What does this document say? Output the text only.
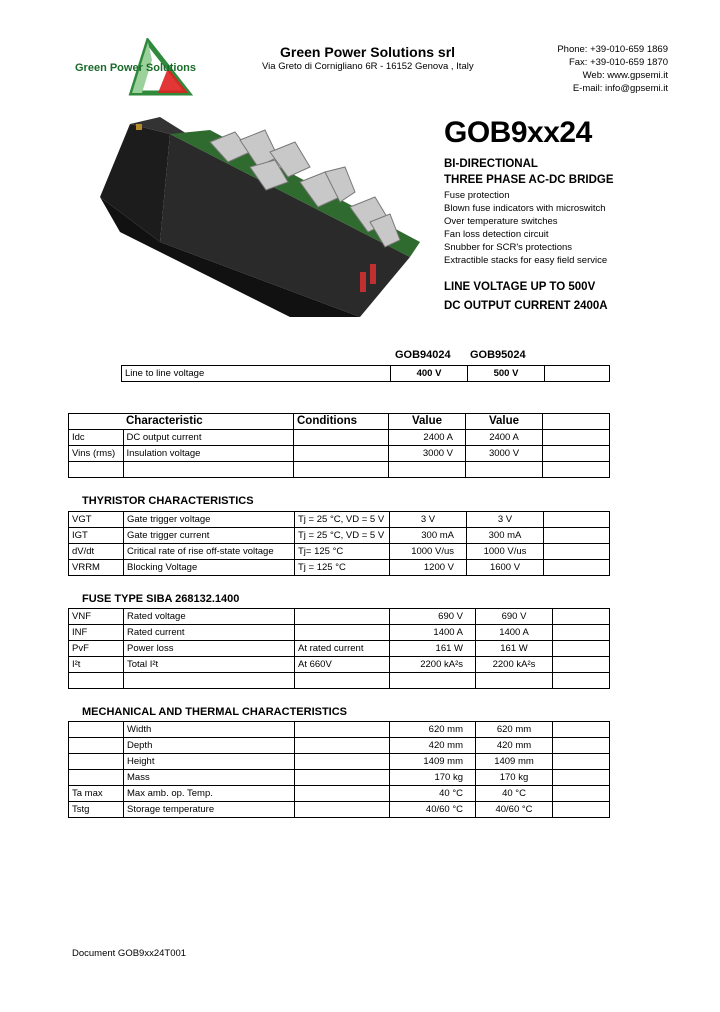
Green Power Solutions
Green Power Solutions srl
Via Greto di Cornigliano 6R - 16152 Genova , Italy
Phone: +39-010-659 1869
Fax: +39-010-659 1870
Web: www.gpsemi.it
E-mail: info@gpsemi.it
GOB9xx24
BI-DIRECTIONAL
THREE PHASE AC-DC BRIDGE
Fuse protection
Blown fuse indicators with microswitch
Over temperature switches
Fan loss detection circuit
Snubber for SCR's protections
Extractible stacks for easy field service
LINE VOLTAGE UP TO 500V
DC OUTPUT CURRENT 2400A
GOB94024 GOB95024
Line to line voltage	400 V	500 V	
	Characteristic	Conditions	Value	Value	
Idc	DC output current		2400 A	2400 A	
Vins (rms)	Insulation voltage		3000 V	3000 V	

THYRISTOR CHARACTERISTICS
VGT	Gate trigger voltage	Tj = 25 °C, VD = 5 V	3 V	3 V	
IGT	Gate trigger current	Tj = 25 °C, VD = 5 V	300 mA	300 mA	
dV/dt	Critical rate of rise off-state voltage	Tj= 125 °C	1000 V/us	1000 V/us	
VRRM	Blocking Voltage	Tj = 125 °C	1200 V	1600 V	
FUSE TYPE SIBA 268132.1400
VNF	Rated voltage		690 V	690 V	
INF	Rated current		1400 A	1400 A	
PvF	Power loss	At rated current	161 W	161 W	
I²t	Total I²t	At 660V	2200 kA²s	2200 kA²s	

MECHANICAL AND THERMAL CHARACTERISTICS
	Width		620 mm	620 mm	
	Depth		420 mm	420 mm	
	Height		1409 mm	1409 mm	
	Mass		170 kg	170 kg	
Ta max	Max amb. op. Temp.		40 °C	40 °C	
Tstg	Storage temperature		40/60 °C	40/60 °C	
Document GOB9xx24T001
